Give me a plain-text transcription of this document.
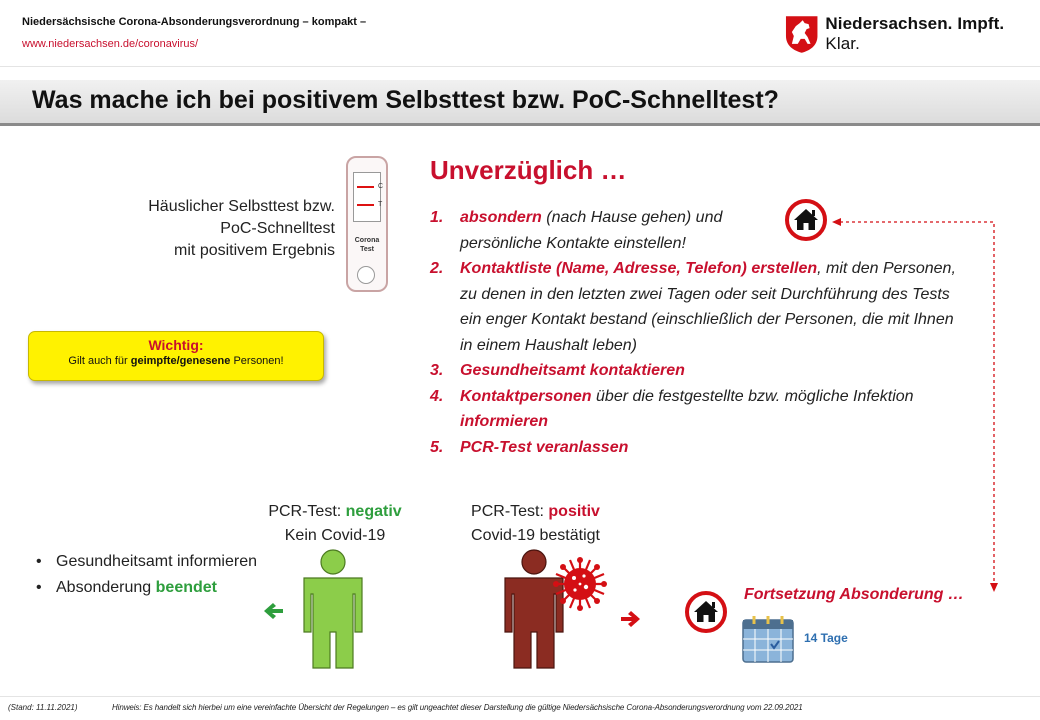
Niedersächsische Corona-Absonderungsverordnung – kompakt –
www.niedersachsen.de/coronavirus/
Niedersachsen. Impft. Klar.
Was mache ich bei positivem Selbsttest bzw. PoC-Schnelltest?
Häuslicher Selbsttest bzw.
PoC-Schnelltest
mit positivem Ergebnis
C
T
Corona
Test
Wichtig:
Gilt auch für geimpfte/genesene Personen!
Unverzüglich …
1.	absondern (nach Hause gehen) und persönliche Kontakte einstellen!
2.	Kontaktliste (Name, Adresse, Telefon) erstellen, mit den Personen, zu denen in den letzten zwei Tagen oder seit Durchführung des Tests ein enger Kontakt bestand (einschließlich der Personen, die mit Ihnen in einem Haushalt leben)
3.	Gesundheitsamt kontaktieren
4.	Kontaktpersonen über die festgestellte bzw. mögliche Infektion informieren
5.	PCR-Test veranlassen
PCR-Test: negativ
Kein Covid-19
PCR-Test: positiv
Covid-19 bestätigt
• Gesundheitsamt informieren
• Absonderung beendet	Fortsetzung Absonderung …
14 Tage
(Stand: 11.11.2021)	Hinweis: Es handelt sich hierbei um eine vereinfachte Übersicht der Regelungen – es gilt ungeachtet dieser Darstellung die gültige Niedersächsische Corona-Absonderungsverordnung vom 22.09.2021
